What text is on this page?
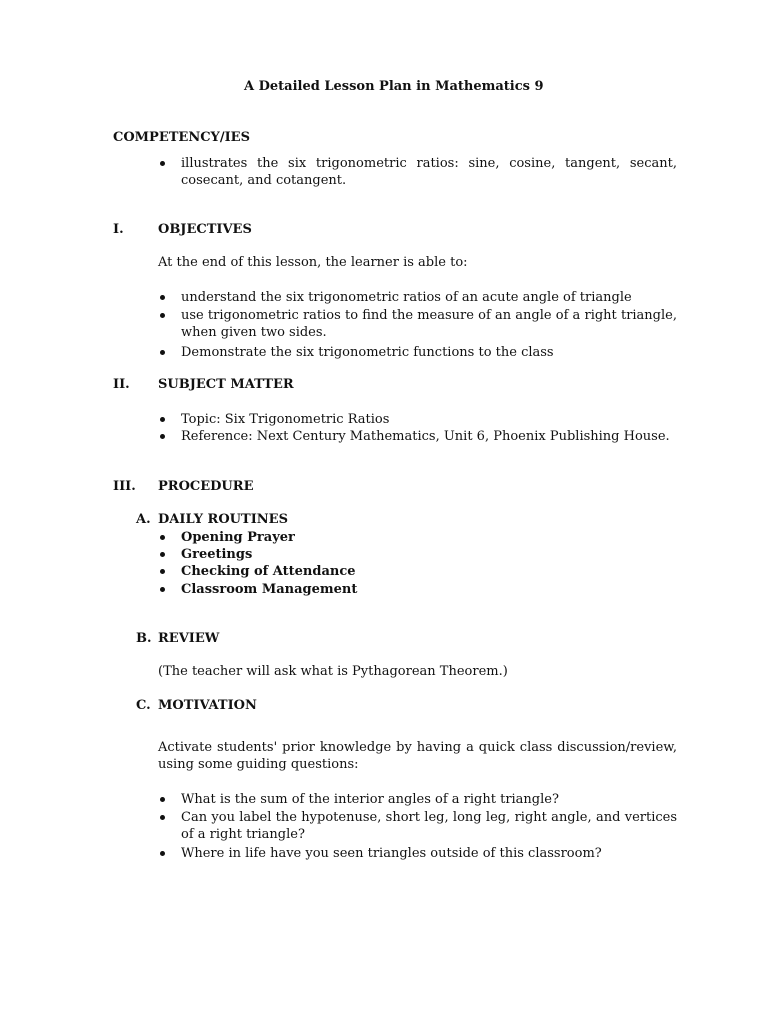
A Detailed Lesson Plan in Mathematics 9
COMPETENCY/IES
illustrates the six trigonometric ratios: sine, cosine, tangent, secant, cosecant, and cotangent.
I.	OBJECTIVES
At the end of this lesson, the learner is able to:
understand the six trigonometric ratios of an acute angle of triangle
use trigonometric ratios to find the measure of an angle of a right triangle, when given two sides.
Demonstrate the six trigonometric functions to the class
II. SUBJECT MATTER
Topic: Six Trigonometric Ratios
Reference: Next Century Mathematics, Unit 6, Phoenix Publishing House.
III. PROCEDURE
A. DAILY ROUTINES
Opening Prayer
Greetings
Checking of Attendance
Classroom Management
B. REVIEW
(The teacher will ask what is Pythagorean Theorem.)
C. MOTIVATION
Activate students' prior knowledge by having a quick class discussion/review, using some guiding questions:
What is the sum of the interior angles of a right triangle?
Can you label the hypotenuse, short leg, long leg, right angle, and vertices of a right triangle?
Where in life have you seen triangles outside of this classroom?
